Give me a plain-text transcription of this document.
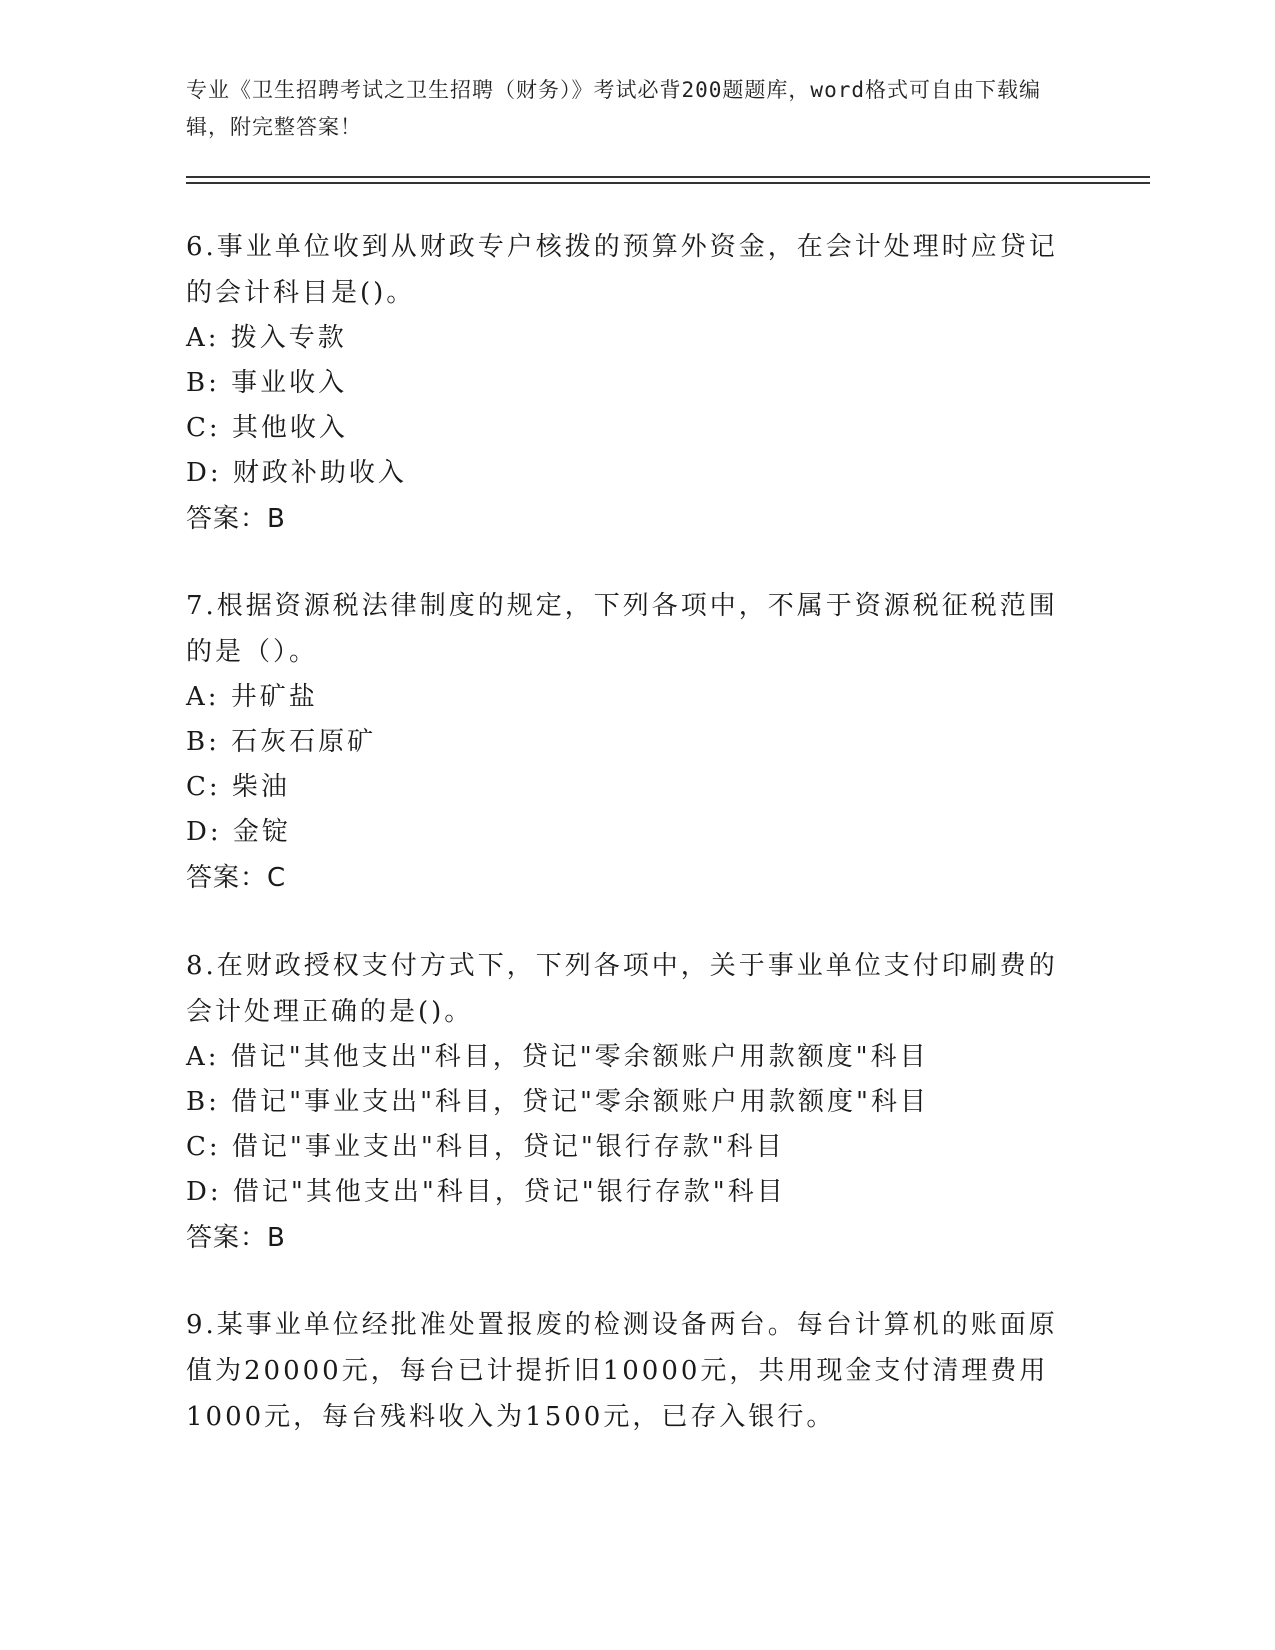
专业《卫生招聘考试之卫生招聘（财务）》考试必背200题题库，word格式可自由下载编辑，附完整答案！

6.事业单位收到从财政专户核拨的预算外资金，在会计处理时应贷记的会计科目是()。

A: 拨入专款

B: 事业收入

C: 其他收入

D: 财政补助收入

答案：B

7.根据资源税法律制度的规定，下列各项中，不属于资源税征税范围的是（）。

A: 井矿盐

B: 石灰石原矿

C: 柴油

D: 金锭

答案：C

8.在财政授权支付方式下，下列各项中，关于事业单位支付印刷费的会计处理正确的是()。

A: 借记"其他支出"科目，贷记"零余额账户用款额度"科目

B: 借记"事业支出"科目，贷记"零余额账户用款额度"科目

C: 借记"事业支出"科目，贷记"银行存款"科目

D: 借记"其他支出"科目，贷记"银行存款"科目

答案：B

9.某事业单位经批准处置报废的检测设备两台。每台计算机的账面原值为20000元，每台已计提折旧10000元，共用现金支付清理费用1000元，每台残料收入为1500元，已存入银行。
